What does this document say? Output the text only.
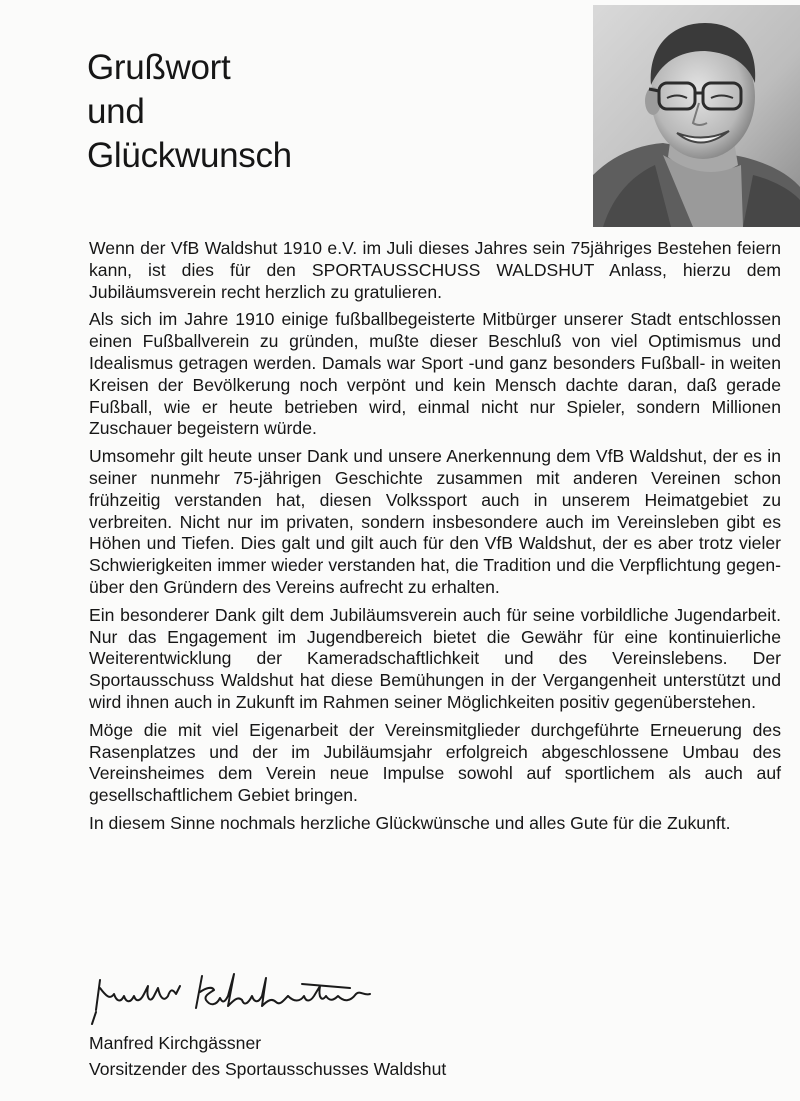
Grußwort
und
Glückwunsch

Wenn der VfB Waldshut 1910 e.V. im Juli dieses Jahres sein 75jähriges Bestehen feiern kann, ist dies für den SPORTAUSSCHUSS WALDSHUT Anlass, hierzu dem Jubiläumsverein recht herzlich zu gratulieren.

Als sich im Jahre 1910 einige fußballbegeisterte Mitbürger unserer Stadt entschlossen einen Fußballverein zu gründen, mußte dieser Beschluß von viel Optimismus und Idealismus getragen werden. Damals war Sport -und ganz besonders Fußball- in weiten Kreisen der Bevölkerung noch verpönt und kein Mensch dachte daran, daß gerade Fußball, wie er heute betrieben wird, einmal nicht nur Spieler, sondern Millionen Zuschauer begeistern würde.

Umsomehr gilt heute unser Dank und unsere Anerkennung dem VfB Waldshut, der es in seiner nunmehr 75-jährigen Geschichte zusammen mit anderen Vereinen schon frühzeitig verstanden hat, diesen Volkssport auch in unserem Heimatgebiet zu verbreiten. Nicht nur im privaten, sondern insbesondere auch im Vereinsleben gibt es Höhen und Tiefen. Dies galt und gilt auch für den VfB Waldshut, der es aber trotz vieler Schwierigkeiten immer wieder verstanden hat, die Tradition und die Verpflichtung gegenüber den Gründern des Vereins aufrecht zu erhalten.

Ein besonderer Dank gilt dem Jubiläumsverein auch für seine vorbildliche Jugendarbeit. Nur das Engagement im Jugendbereich bietet die Gewähr für eine kontinuierliche Weiterentwicklung der Kameradschaftlichkeit und des Vereinslebens. Der Sportausschuss Waldshut hat diese Bemühungen in der Vergangenheit unterstützt und wird ihnen auch in Zukunft im Rahmen seiner Möglichkeiten positiv gegenüberstehen.

Möge die mit viel Eigenarbeit der Vereinsmitglieder durchgeführte Erneuerung des Rasenplatzes und der im Jubiläumsjahr erfolgreich abgeschlossene Umbau des Vereinsheimes dem Verein neue Impulse sowohl auf sportlichem als auch auf gesellschaftlichem Gebiet bringen.

In diesem Sinne nochmals herzliche Glückwünsche und alles Gute für die Zukunft.

Manfred Kirchgässner
Vorsitzender des Sportausschusses Waldshut
